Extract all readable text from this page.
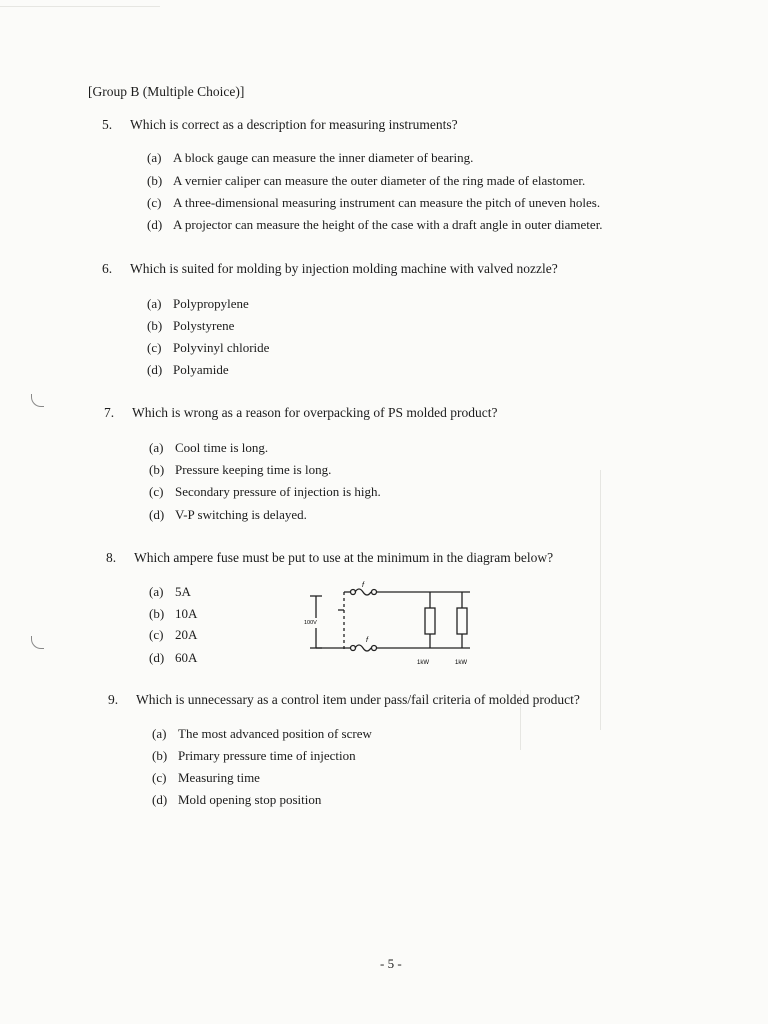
[Group B (Multiple Choice)]
5. Which is correct as a description for measuring instruments?
(a) A block gauge can measure the inner diameter of bearing.
(b) A vernier caliper can measure the outer diameter of the ring made of elastomer.
(c) A three-dimensional measuring instrument can measure the pitch of uneven holes.
(d) A projector can measure the height of the case with a draft angle in outer diameter.
6. Which is suited for molding by injection molding machine with valved nozzle?
(a) Polypropylene
(b) Polystyrene
(c) Polyvinyl chloride
(d) Polyamide
7. Which is wrong as a reason for overpacking of PS molded product?
(a) Cool time is long.
(b) Pressure keeping time is long.
(c) Secondary pressure of injection is high.
(d) V-P switching is delayed.
8. Which ampere fuse must be put to use at the minimum in the diagram below?
(a) 5A
(b) 10A
(c) 20A
(d) 60A
100V
f
f
1kW	1kW
9. Which is unnecessary as a control item under pass/fail criteria of molded product?
(a) The most advanced position of screw
(b) Primary pressure time of injection
(c) Measuring time
(d) Mold opening stop position
- 5 -
